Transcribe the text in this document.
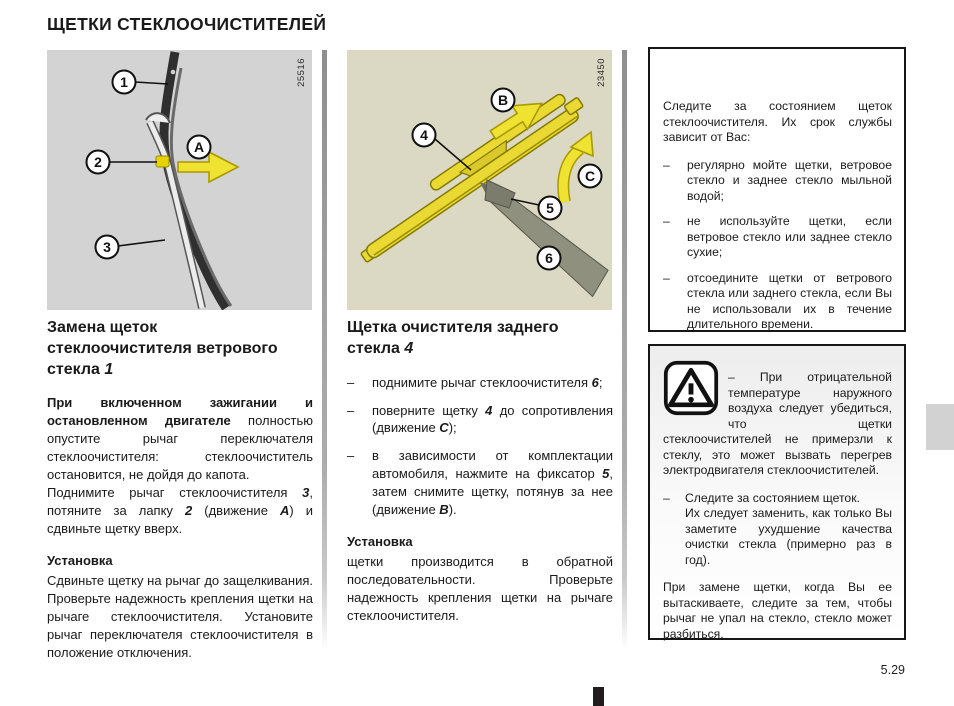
ЩЕТКИ СТЕКЛООЧИСТИТЕЛЕЙ
1
2
3
A
25516
4
5
6
B
C
23450
Замена щеток
стеклоочистителя ветрового
стекла 1

При включенном зажигании и остановленном двигателе полностью опустите рычаг переключателя стеклоочистителя: стеклоочиститель остановится, не дойдя до капота.

Поднимите рычаг стеклоочистителя 3, потяните за лапку 2 (движение A) и сдвиньте щетку вверх.

Установка

Сдвиньте щетку на рычаг до защелкивания. Проверьте надежность крепления щетки на рычаге стеклоочистителя. Установите рычаг переключателя стеклоочистителя в положение отключения.

Щетка очистителя заднего
стекла 4
–	поднимите рычаг стеклоочистителя 6;
–	поверните щетку 4 до сопротивления (движение C);
–	в зависимости от комплектации автомобиля, нажмите на фиксатор 5, затем снимите щетку, потянув за нее (движение B).
Установка

щетки производится в обратной последовательности. Проверьте надежность крепления щетки на рычаге стеклоочистителя.

Следите за состоянием щеток стеклоочистителя. Их срок службы зависит от Вас:

–	регулярно мойте щетки, ветровое стекло и заднее стекло мыльной водой;
–	не используйте щетки, если ветровое стекло или заднее стекло сухие;
–	отсоедините щетки от ветрового стекла или заднего стекла, если Вы не использовали их в течение длительного времени.

– При отрицательной температуре наружного воздуха следует убедиться, что щетки стеклоочистителей не примерзли к стеклу, это может вызвать перегрев электродвигателя стеклоочистителей.

–	Следите за состоянием щеток.
Их следует заменить, как только Вы заметите ухудшение качества очистки стекла (примерно раз в год).

При замене щетки, когда Вы ее вытаскиваете, следите за тем, чтобы рычаг не упал на стекло, стекло может разбиться.

5.29
